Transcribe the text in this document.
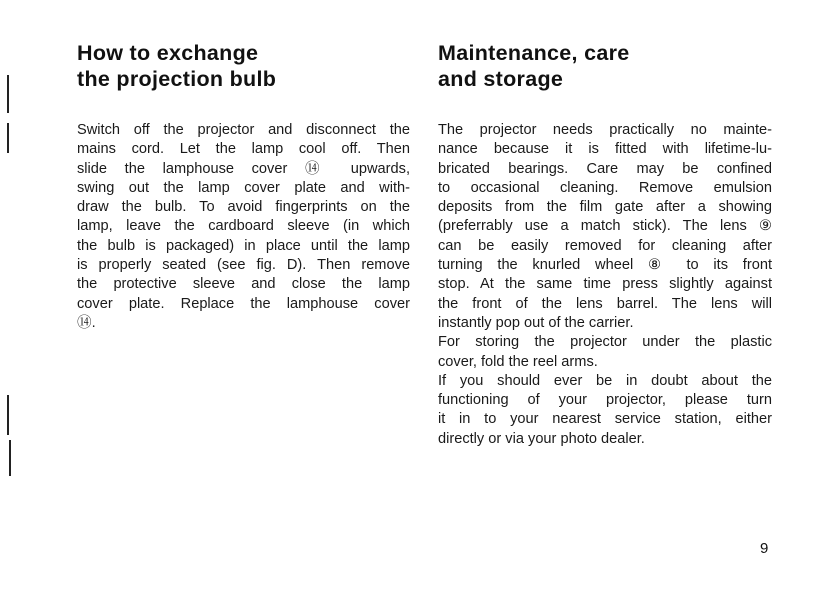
How to exchange
the projection bulb
Switch off the projector and disconnect the
mains cord. Let the lamp cool off. Then
slide the lamphouse cover ⑭ upwards,
swing out the lamp cover plate and with-
draw the bulb. To avoid fingerprints on the
lamp, leave the cardboard sleeve (in which
the bulb is packaged) in place until the lamp
is properly seated (see fig. D). Then remove
the protective sleeve and close the lamp
cover plate. Replace the lamphouse cover
⑭.
Maintenance, care
and storage
The projector needs practically no mainte-
nance because it is fitted with lifetime-lu-
bricated bearings. Care may be confined
to occasional cleaning. Remove emulsion
deposits from the film gate after a showing
(preferrably use a match stick). The lens ⑨
can be easily removed for cleaning after
turning the knurled wheel ⑧ to its front
stop. At the same time press slightly against
the front of the lens barrel. The lens will
instantly pop out of the carrier.
For storing the projector under the plastic
cover, fold the reel arms.
If you should ever be in doubt about the
functioning of your projector, please turn
it in to your nearest service station, either
directly or via your photo dealer.
9
